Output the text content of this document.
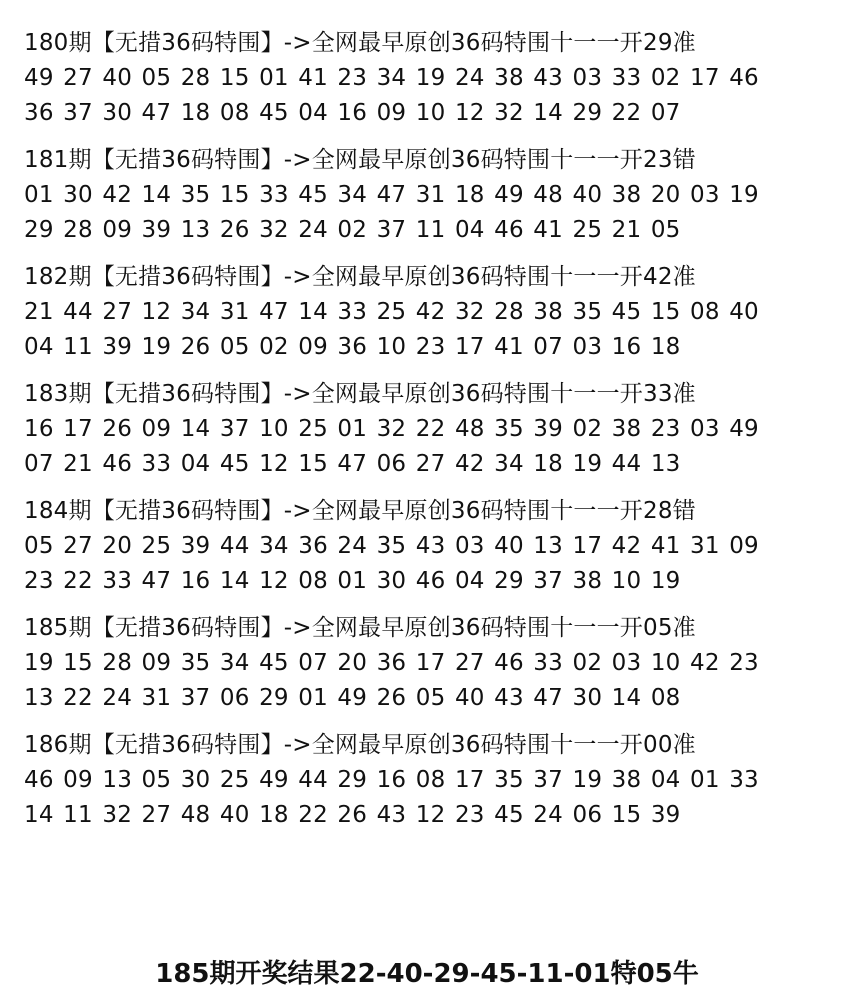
180期【无措36码特围】->全网最早原创36码特围十一一开29准
49 27 40 05 28 15 01 41 23 34 19 24 38 43 03 33 02 17 46
36 37 30 47 18 08 45 04 16 09 10 12 32 14 29 22 07
181期【无措36码特围】->全网最早原创36码特围十一一开23错
01 30 42 14 35 15 33 45 34 47 31 18 49 48 40 38 20 03 19
29 28 09 39 13 26 32 24 02 37 11 04 46 41 25 21 05
182期【无措36码特围】->全网最早原创36码特围十一一开42准
21 44 27 12 34 31 47 14 33 25 42 32 28 38 35 45 15 08 40
04 11 39 19 26 05 02 09 36 10 23 17 41 07 03 16 18
183期【无措36码特围】->全网最早原创36码特围十一一开33准
16 17 26 09 14 37 10 25 01 32 22 48 35 39 02 38 23 03 49
07 21 46 33 04 45 12 15 47 06 27 42 34 18 19 44 13
184期【无措36码特围】->全网最早原创36码特围十一一开28错
05 27 20 25 39 44 34 36 24 35 43 03 40 13 17 42 41 31 09
23 22 33 47 16 14 12 08 01 30 46 04 29 37 38 10 19
185期【无措36码特围】->全网最早原创36码特围十一一开05准
19 15 28 09 35 34 45 07 20 36 17 27 46 33 02 03 10 42 23
13 22 24 31 37 06 29 01 49 26 05 40 43 47 30 14 08
186期【无措36码特围】->全网最早原创36码特围十一一开00准
46 09 13 05 30 25 49 44 29 16 08 17 35 37 19 38 04 01 33
14 11 32 27 48 40 18 22 26 43 12 23 45 24 06 15 39
185期开奖结果22-40-29-45-11-01特05牛
